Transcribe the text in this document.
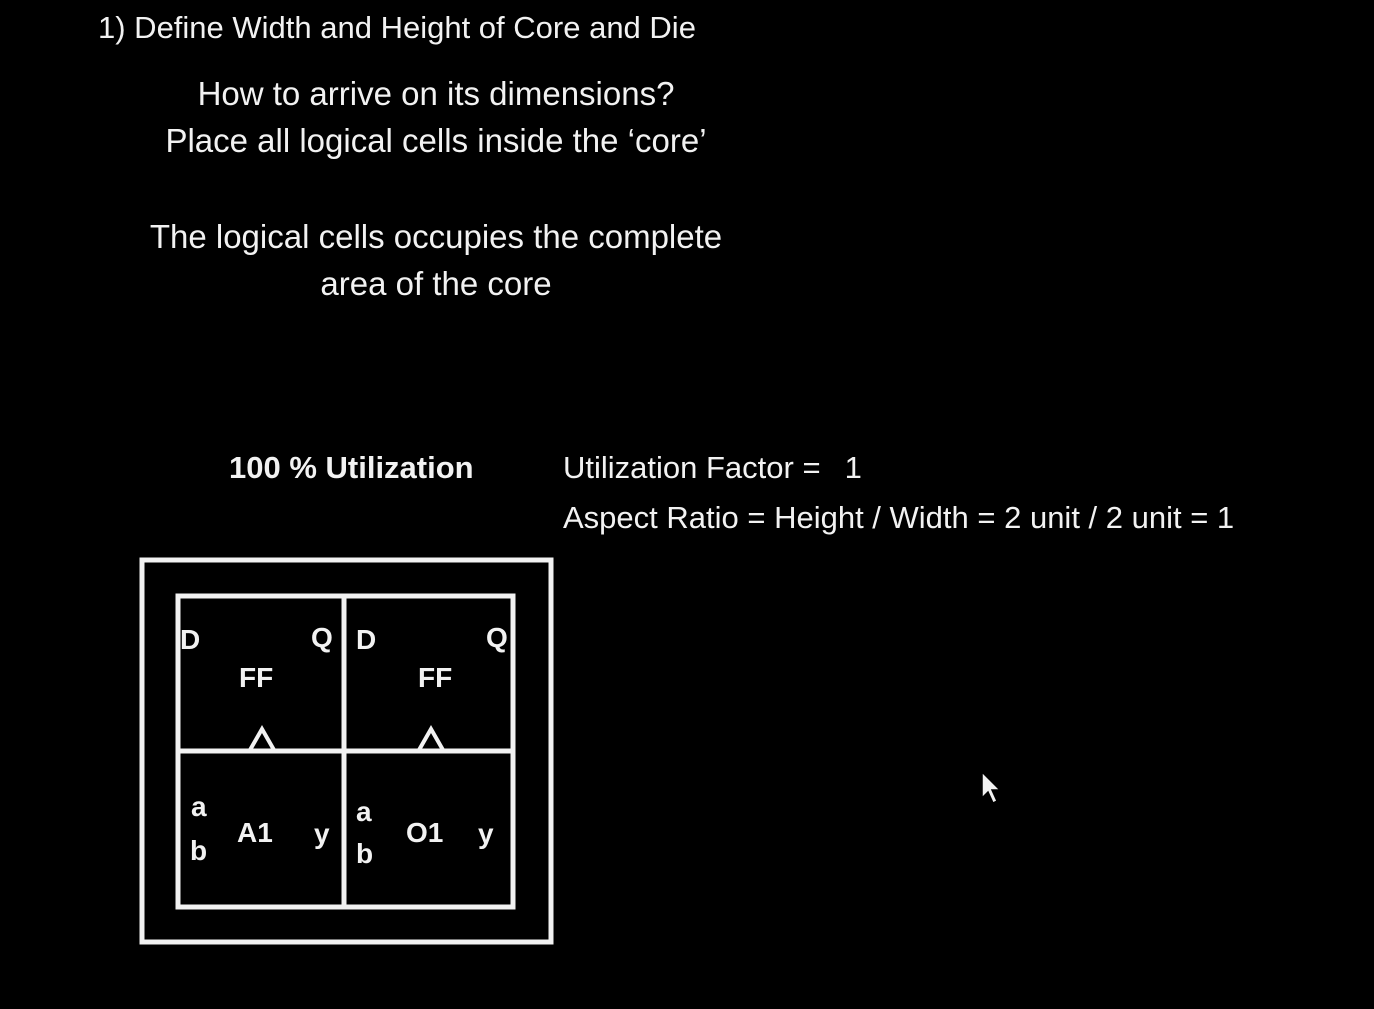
1) Define Width and Height of Core and Die
How to arrive on its dimensions?
Place all logical cells inside the ‘core’
The logical cells occupies the complete
area of the core
100 % Utilization	Utilization Factor = 1
Aspect Ratio = Height / Width = 2 unit / 2 unit = 1
D	Q
FF
D	Q
FF
a
b
A1 y
a
b
O1 y
